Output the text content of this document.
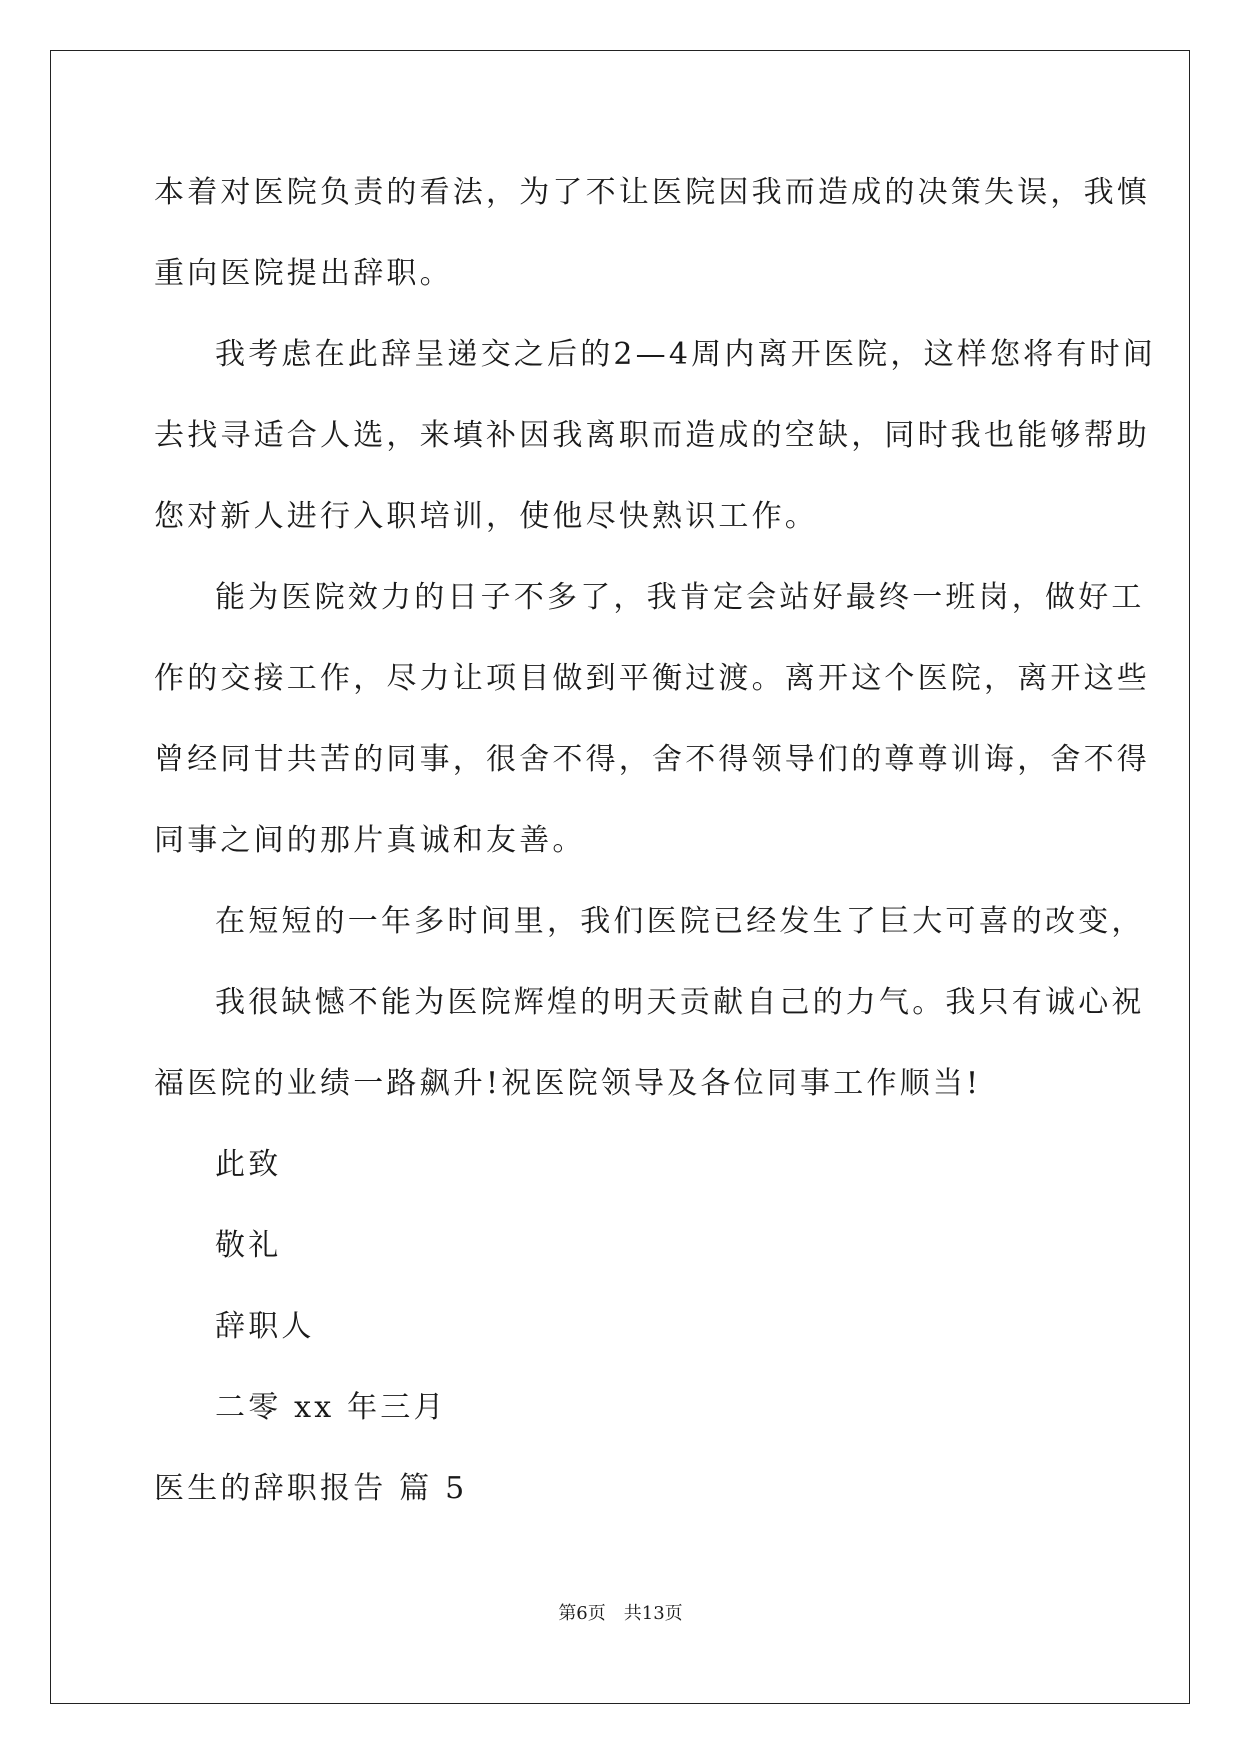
本着对医院负责的看法，为了不让医院因我而造成的决策失误，我慎
重向医院提出辞职。
我考虑在此辞呈递交之后的2—4周内离开医院，这样您将有时间
去找寻适合人选，来填补因我离职而造成的空缺，同时我也能够帮助
您对新人进行入职培训，使他尽快熟识工作。
能为医院效力的日子不多了，我肯定会站好最终一班岗，做好工
作的交接工作，尽力让项目做到平衡过渡。离开这个医院，离开这些
曾经同甘共苦的同事，很舍不得，舍不得领导们的尊尊训诲，舍不得
同事之间的那片真诚和友善。
在短短的一年多时间里，我们医院已经发生了巨大可喜的改变，
我很缺憾不能为医院辉煌的明天贡献自己的力气。我只有诚心祝
福医院的业绩一路飙升!祝医院领导及各位同事工作顺当!
此致
敬礼
辞职人
二零 xx 年三月
医生的辞职报告 篇 5
第6页　共13页
